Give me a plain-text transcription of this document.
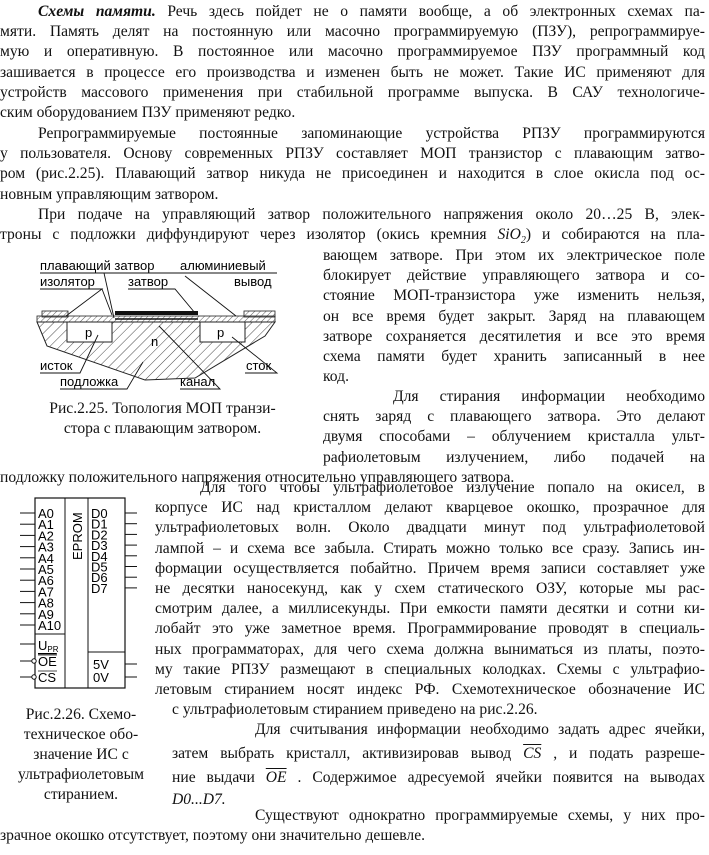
Схемы памяти. Речь здесь пойдет не о памяти вообще, а об электронных схемах па-
мяти. Память делят на постоянную или масочно программируемую (ПЗУ), репрограммируе-
мую и оперативную. В постоянное или масочно программируемое ПЗУ программный код
зашивается в процессе его производства и изменен быть не может. Такие ИС применяют для
устройств массового применения при стабильной программе выпуска. В САУ технологиче-
ским оборудованием ПЗУ применяют редко.
Репрограммируемые постоянные запоминающие устройства РПЗУ программируются
у пользователя. Основу современных РПЗУ составляет МОП транзистор с плавающим затво-
ром (рис.2.25). Плавающий затвор никуда не присоединен и находится в слое окисла под ос-
новным управляющим затвором.
При подаче на управляющий затвор положительного напряжения около 20…25 В, элек-
троны с подложки диффундируют через изолятор (окись кремния SiO$_2$) и собираются на пла-
вающем затворе. При этом их электрическое поле
блокирует действие управляющего затвора и со-
стояние МОП-транзистора уже изменить нельзя,
он все время будет закрыт. Заряд на плавающем
затворе сохраняется десятилетия и все это время
схема памяти будет хранить записанный в нее
код.
Для стирания информации необходимо
снять заряд с плавающего затвора. Это делают
двумя способами – облучением кристалла ульт-
рафиолетовым излучением, либо подачей на
подложку положительного напряжения относительно управляющего затвора.
плавающий затвор алюминиевый
вывод
изолятор	затвор
p	p
n
исток
подложка	канал
сток
Рис.2.25. Топология МОП транзи-
стора с плавающим затвором.
EPROM
A0
A1
A2
A3
A4
A5
A6
A7
A8
A9
A10
D0
D1
D2
D3
D4
D5
D6
D7
UPR
OE
CS
5V
0V
Рис.2.26. Схемо-
техническое обо-
значение ИС с
ультрафиолетовым
стиранием.
Для того чтобы ультрафиолетовое излучение попало на окисел, в
корпусе ИС над кристаллом делают кварцевое окошко, прозрачное для
ультрафиолетовых волн. Около двадцати минут под ультрафиолетовой
лампой – и схема все забыла. Стирать можно только все сразу. Запись ин-
формации осуществляется побайтно. Причем время записи составляет уже
не десятки наносекунд, как у схем статического ОЗУ, которые мы рас-
смотрим далее, а миллисекунды. При емкости памяти десятки и сотни ки-
лобайт это уже заметное время. Программирование проводят в специаль-
ных программаторах, для чего схема должна выниматься из платы, поэто-
му такие РПЗУ размещают в специальных колодках. Схемы с ультрафио-
летовым стиранием носят индекс РФ. Схемотехническое обозначение ИС
с ультрафиолетовым стиранием приведено на рис.2.26.
Для считывания информации необходимо задать адрес ячейки,
затем выбрать кристалл, активизировав вывод $\overline{CS}$ , и подать разреше-
ние выдачи $\overline{OE}$ . Содержимое адресуемой ячейки появится на выводах
D0...D7.
Существуют однократно программируемые схемы, у них про-
зрачное окошко отсутствует, поэтому они значительно дешевле.
